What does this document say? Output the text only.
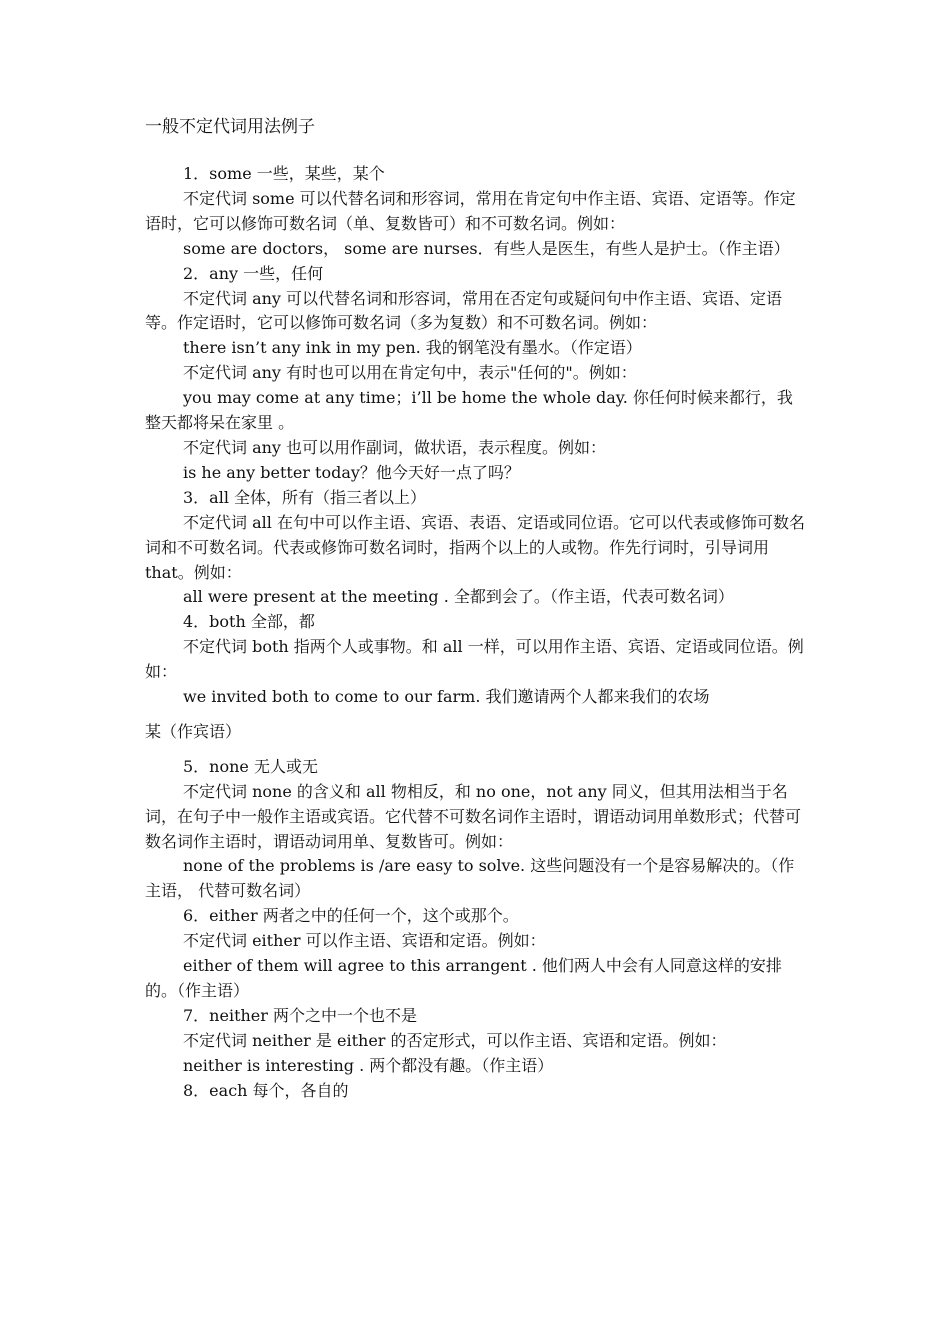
一般不定代词用法例子

1．some 一些，某些，某个

不定代词 some 可以代替名词和形容词，常用在肯定句中作主语、宾语、定语等。作定语时，它可以修饰可数名词（单、复数皆可）和不可数名词。例如：

some are doctors， some are nurses．有些人是医生，有些人是护士。（作主语）

2．any 一些，任何

不定代词 any 可以代替名词和形容词，常用在否定句或疑问句中作主语、宾语、定语等。作定语时，它可以修饰可数名词（多为复数）和不可数名词。例如：

there isn’t any ink in my pen. 我的钢笔没有墨水。（作定语）

不定代词 any 有时也可以用在肯定句中，表示"任何的"。例如：

you may come at any time；i’ll be home the whole day. 你任何时候来都行，我整天都将呆在家里 。

不定代词 any 也可以用作副词，做状语，表示程度。例如：

is he any better today？他今天好一点了吗？

3．all 全体，所有（指三者以上）

不定代词 all 在句中可以作主语、宾语、表语、定语或同位语。它可以代表或修饰可数名词和不可数名词。代表或修饰可数名词时，指两个以上的人或物。作先行词时，引导词用 that。例如：

all were present at the meeting . 全都到会了。（作主语，代表可数名词）

4．both 全部，都

不定代词 both 指两个人或事物。和 all 一样，可以用作主语、宾语、定语或同位语。例如：

we invited both to come to our farm. 我们邀请两个人都来我们的农场

某（作宾语）

5．none 无人或无

不定代词 none 的含义和 all 物相反，和 no one，not any 同义，但其用法相当于名词，在句子中一般作主语或宾语。它代替不可数名词作主语时，谓语动词用单数形式；代替可数名词作主语时，谓语动词用单、复数皆可。例如：

none of the problems is /are easy to solve. 这些问题没有一个是容易解决的。（作主语， 代替可数名词）

6．either 两者之中的任何一个，这个或那个。

不定代词 either 可以作主语、宾语和定语。例如：

either of them will agree to this arrangent . 他们两人中会有人同意这样的安排的。（作主语）

7．neither 两个之中一个也不是

不定代词 neither 是 either 的否定形式，可以作主语、宾语和定语。例如：

neither is interesting . 两个都没有趣。（作主语）

8．each 每个，各自的
